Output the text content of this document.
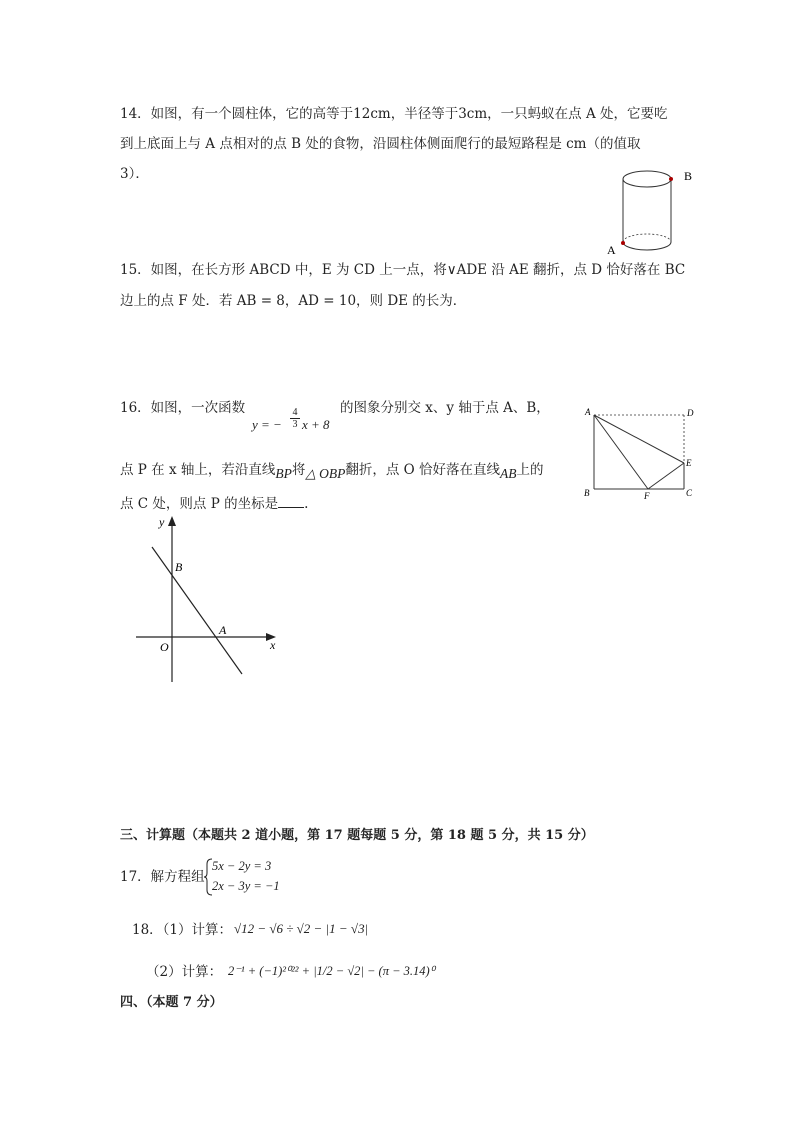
14．如图，有一个圆柱体，它的高等于12cm，半径等于3cm，一只蚂蚁在点 A 处，它要吃
到上底面上与 A 点相对的点 B 处的食物，沿圆柱体侧面爬行的最短路程是 cm（的值取
3）．	B
A
15．如图，在长方形 ABCD 中，E 为 CD 上一点，将∨ADE 沿 AE 翻折，点 D 恰好落在 BC
边上的点 F 处．若 AB = 8，AD = 10，则 DE 的长为．
16．如图，一次函数
y = − $\frac{4}{3}$ x + 8
的图象分别交 x、y 轴于点 A、B，
点 P 在 x 轴上，若沿直线BP将△ OBP翻折，点 O 恰好落在直线AB上的
点 C 处，则点 P 的坐标是 .
A	D
E
B	F	C
y
x
O
B
A
三、计算题（本题共 2 道小题，第 17 题每题 5 分，第 18 题 5 分，共 15 分）
17．解方程组
5x − 2y = 3
2x − 3y = −1
18．（1）计算： √12 − √6 ÷ √2 − |1 − √3|
（2）计算： 2⁻¹ + (−1)²⁰²² + |1/2 − √2| − (π − 3.14)⁰
四、（本题 7 分）
